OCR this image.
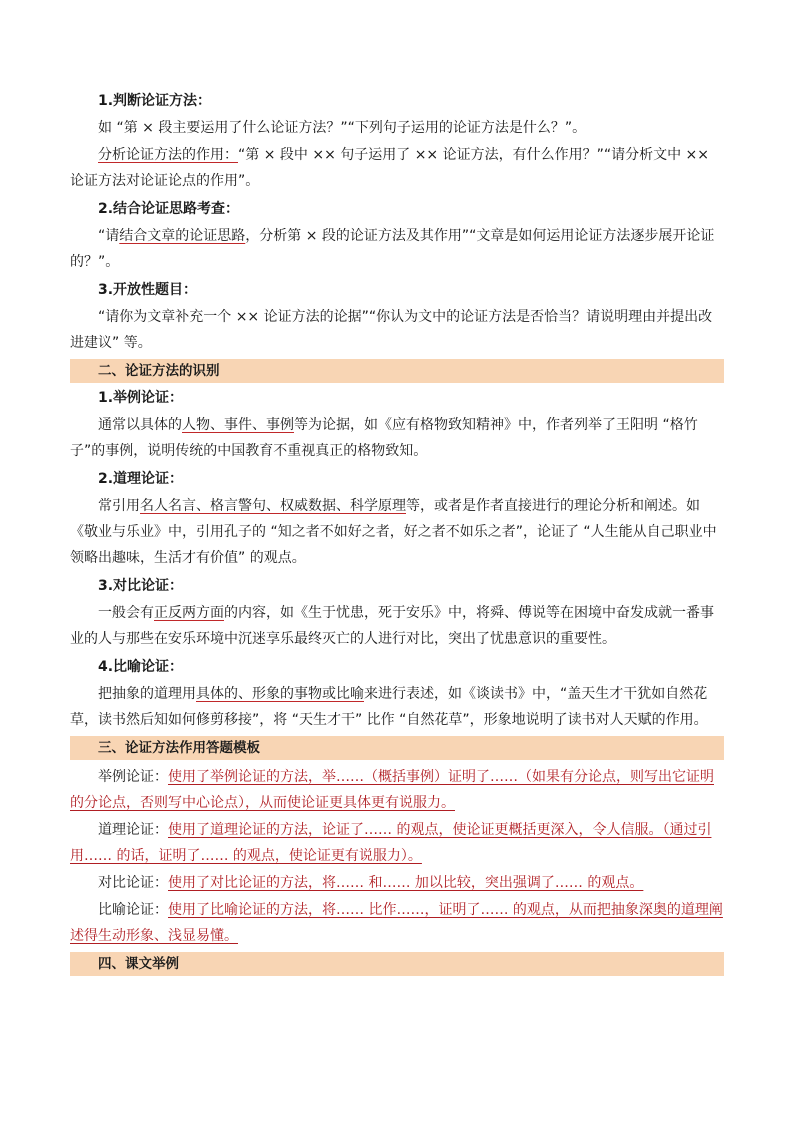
1.判断论证方法：

如 “第 × 段主要运用了什么论证方法？”“下列句子运用的论证方法是什么？”。

分析论证方法的作用：“第 × 段中 ×× 句子运用了 ×× 论证方法，有什么作用？”“请分析文中 ×× 论证方法对论证论点的作用”。

2.结合论证思路考查：

“请结合文章的论证思路，分析第 × 段的论证方法及其作用”“文章是如何运用论证方法逐步展开论证的？”。

3.开放性题目：

“请你为文章补充一个 ×× 论证方法的论据”“你认为文中的论证方法是否恰当？请说明理由并提出改进建议” 等。

二、论证方法的识别
1.举例论证：

通常以具体的人物、事件、事例等为论据，如《应有格物致知精神》中，作者列举了王阳明 “格竹子”的事例，说明传统的中国教育不重视真正的格物致知。

2.道理论证：

常引用名人名言、格言警句、权威数据、科学原理等，或者是作者直接进行的理论分析和阐述。如《敬业与乐业》中，引用孔子的 “知之者不如好之者，好之者不如乐之者”，论证了 “人生能从自己职业中领略出趣味，生活才有价值” 的观点。

3.对比论证：

一般会有正反两方面的内容，如《生于忧患，死于安乐》中，将舜、傅说等在困境中奋发成就一番事业的人与那些在安乐环境中沉迷享乐最终灭亡的人进行对比，突出了忧患意识的重要性。

4.比喻论证：

把抽象的道理用具体的、形象的事物或比喻来进行表述，如《谈读书》中，“盖天生才干犹如自然花草，读书然后知如何修剪移接”，将 “天生才干” 比作 “自然花草”，形象地说明了读书对人天赋的作用。

三、论证方法作用答题模板

举例论证：使用了举例论证的方法，举……（概括事例）证明了……（如果有分论点，则写出它证明的分论点，否则写中心论点），从而使论证更具体更有说服力。

道理论证：使用了道理论证的方法，论证了…… 的观点，使论证更概括更深入，令人信服。（通过引用…… 的话，证明了…… 的观点，使论证更有说服力）。

对比论证：使用了对比论证的方法，将…… 和…… 加以比较，突出强调了…… 的观点。

比喻论证：使用了比喻论证的方法，将…… 比作……，证明了…… 的观点，从而把抽象深奥的道理阐述得生动形象、浅显易懂。

四、课文举例
